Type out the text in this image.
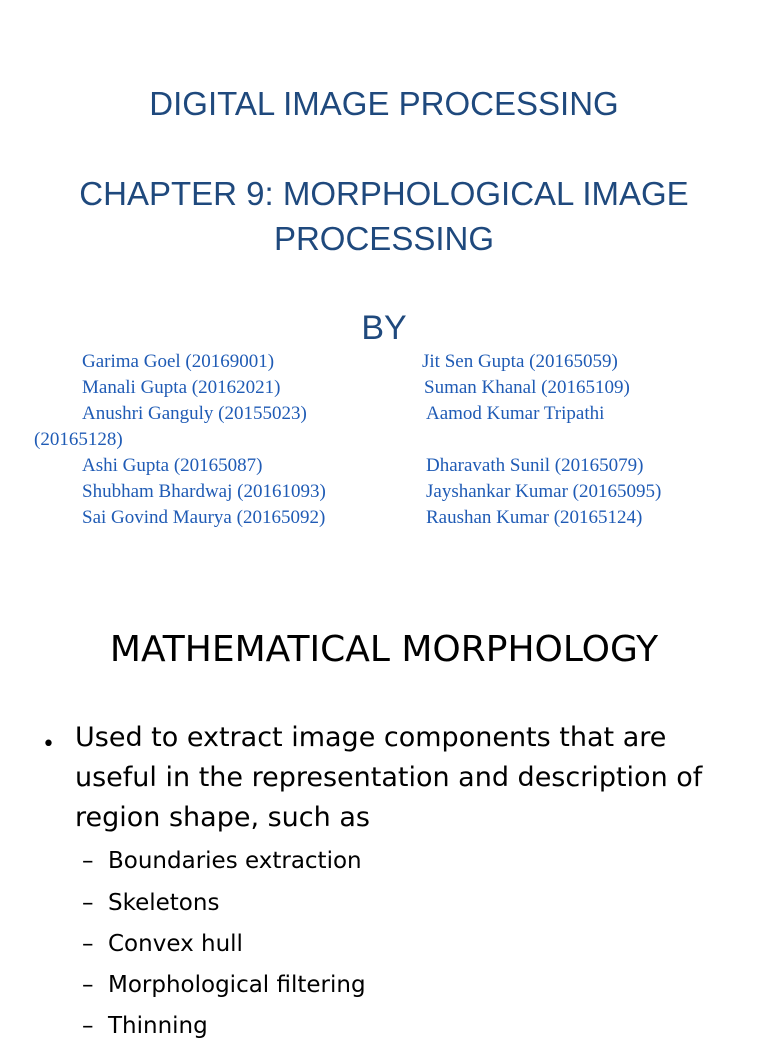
DIGITAL IMAGE PROCESSING
CHAPTER 9: MORPHOLOGICAL IMAGE
PROCESSING
BY
Garima Goel (20169001)
Manali Gupta (20162021)
Anushri Ganguly (20155023)
Ashi Gupta (20165087)
Shubham Bhardwaj (20161093)
Sai Govind Maurya (20165092)
(20165128)
Jit Sen Gupta (20165059)
Suman Khanal (20165109)
Aamod Kumar Tripathi
Dharavath Sunil (20165079)
Jayshankar Kumar (20165095)
Raushan Kumar (20165124)
MATHEMATICAL MORPHOLOGY
• Used to extract image components that are
useful in the representation and description of
region shape, such as
– Boundaries extraction
– Skeletons
– Convex hull
– Morphological filtering
– Thinning
